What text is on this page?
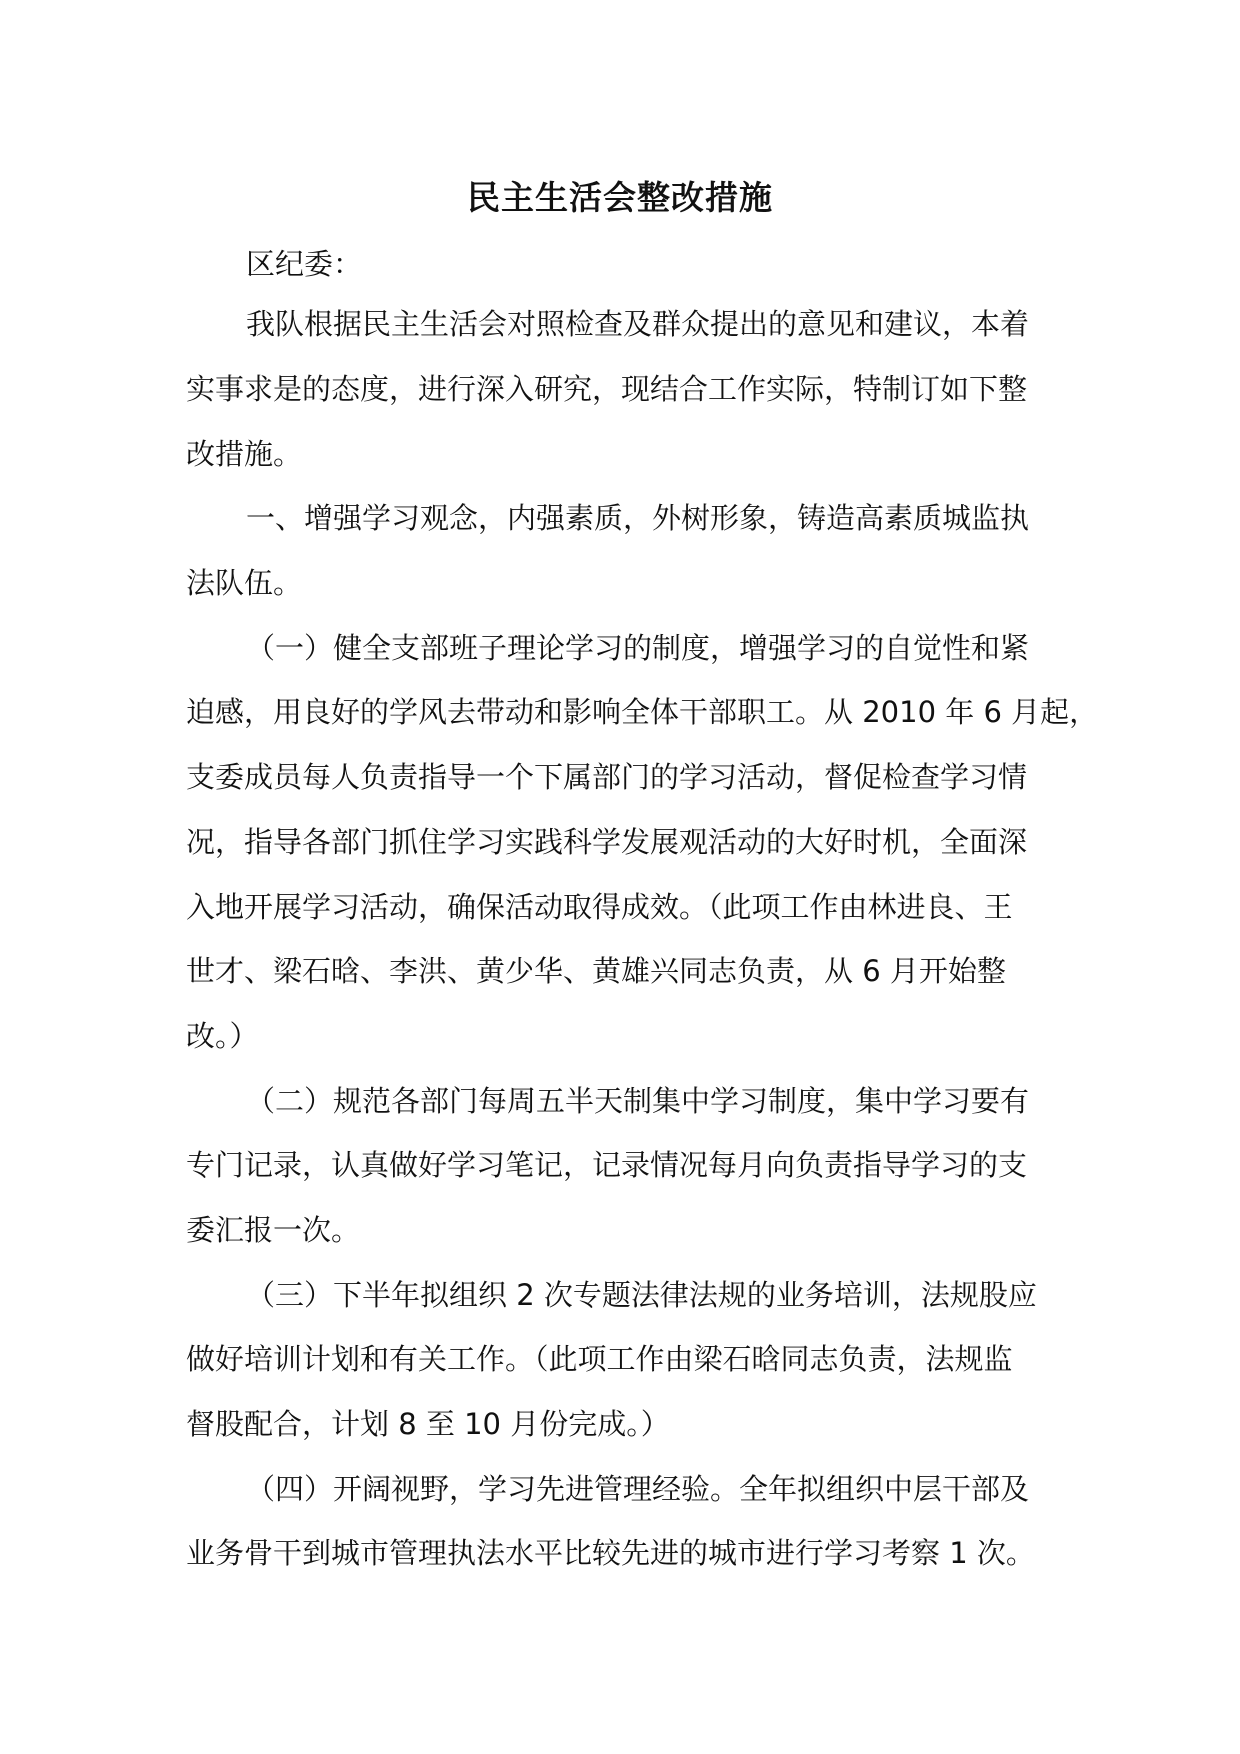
民主生活会整改措施
区纪委：
我队根据民主生活会对照检查及群众提出的意见和建议，本着
实事求是的态度，进行深入研究，现结合工作实际，特制订如下整
改措施。
一、增强学习观念，内强素质，外树形象，铸造高素质城监执
法队伍。
（一）健全支部班子理论学习的制度，增强学习的自觉性和紧
迫感，用良好的学风去带动和影响全体干部职工。从 2010 年 6 月起，
支委成员每人负责指导一个下属部门的学习活动，督促检查学习情
况，指导各部门抓住学习实践科学发展观活动的大好时机，全面深
入地开展学习活动，确保活动取得成效。（此项工作由林进良、王
世才、梁石晗、李洪、黄少华、黄雄兴同志负责，从 6 月开始整
改。）
（二）规范各部门每周五半天制集中学习制度，集中学习要有
专门记录，认真做好学习笔记，记录情况每月向负责指导学习的支
委汇报一次。
（三）下半年拟组织 2 次专题法律法规的业务培训，法规股应
做好培训计划和有关工作。（此项工作由梁石晗同志负责，法规监
督股配合，计划 8 至 10 月份完成。）
（四）开阔视野，学习先进管理经验。全年拟组织中层干部及
业务骨干到城市管理执法水平比较先进的城市进行学习考察 1 次。
